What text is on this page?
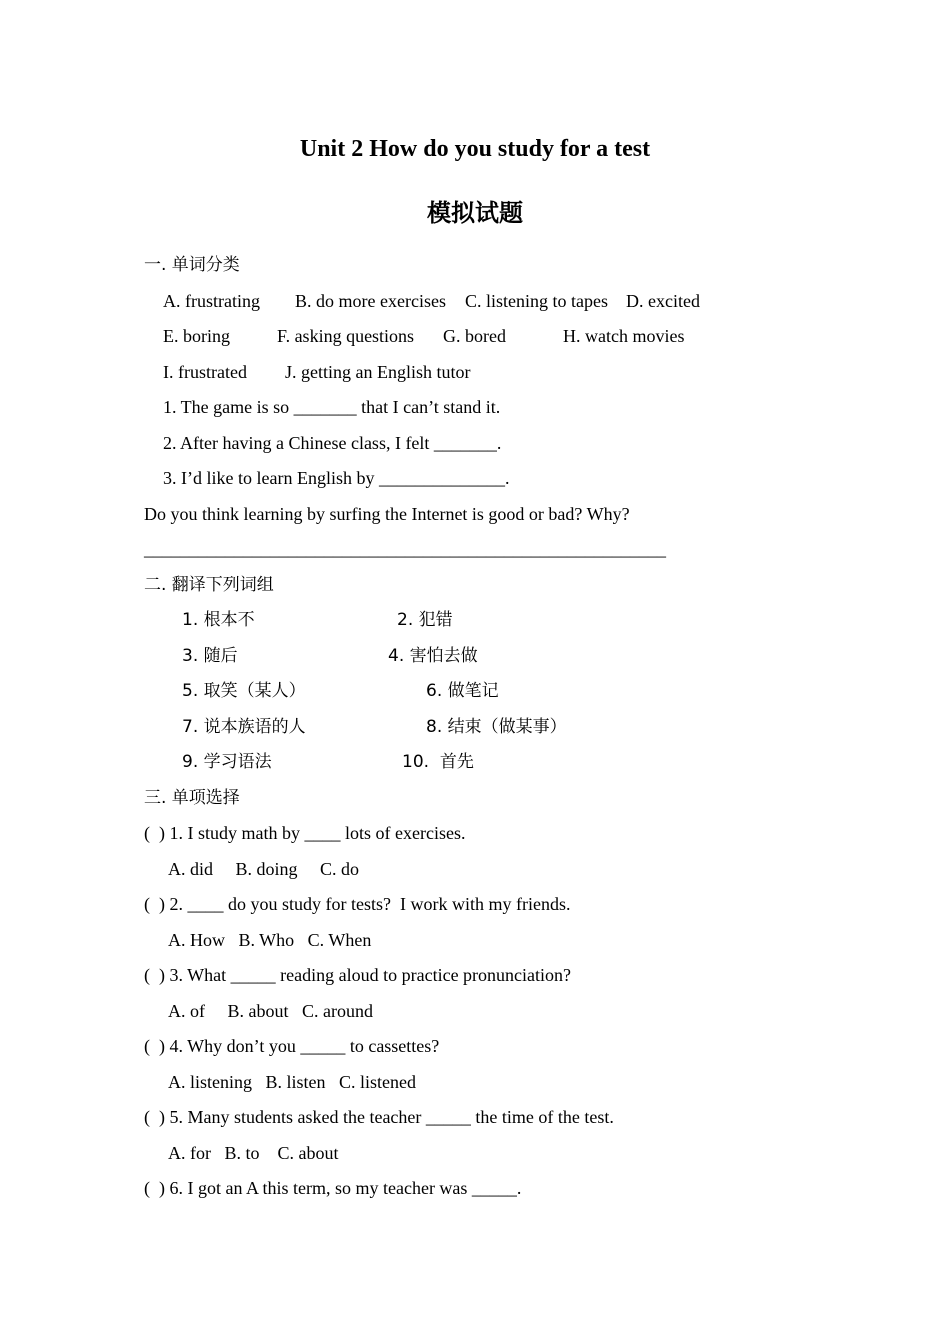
Unit 2 How do you study for a test
模拟试题
一. 单词分类
A. frustrating B. do more exercises C. listening to tapes D. excited
E. boring	F. asking questions G. bored	H. watch movies
I. frustrated J. getting an English tutor
1. The game is so _______ that I can’t stand it.
2. After having a Chinese class, I felt _______.
3. I’d like to learn English by ______________.
Do you think learning by surfing the Internet is good or bad? Why?
__________________________________________________________
二. 翻译下列词组
1. 根本不	2. 犯错
3. 随后	4. 害怕去做
5. 取笑（某人）	6. 做笔记
7. 说本族语的人	8. 结束（做某事）
9. 学习语法	10.  首先
三. 单项选择
(  ) 1. I study math by ____ lots of exercises.
A. did     B. doing     C. do
(  ) 2. ____ do you study for tests?  I work with my friends.
A. How   B. Who   C. When
(  ) 3. What _____ reading aloud to practice pronunciation?
A. of     B. about   C. around
(  ) 4. Why don’t you _____ to cassettes?
A. listening   B. listen   C. listened
(  ) 5. Many students asked the teacher _____ the time of the test.
A. for   B. to    C. about
(  ) 6. I got an A this term, so my teacher was _____.
